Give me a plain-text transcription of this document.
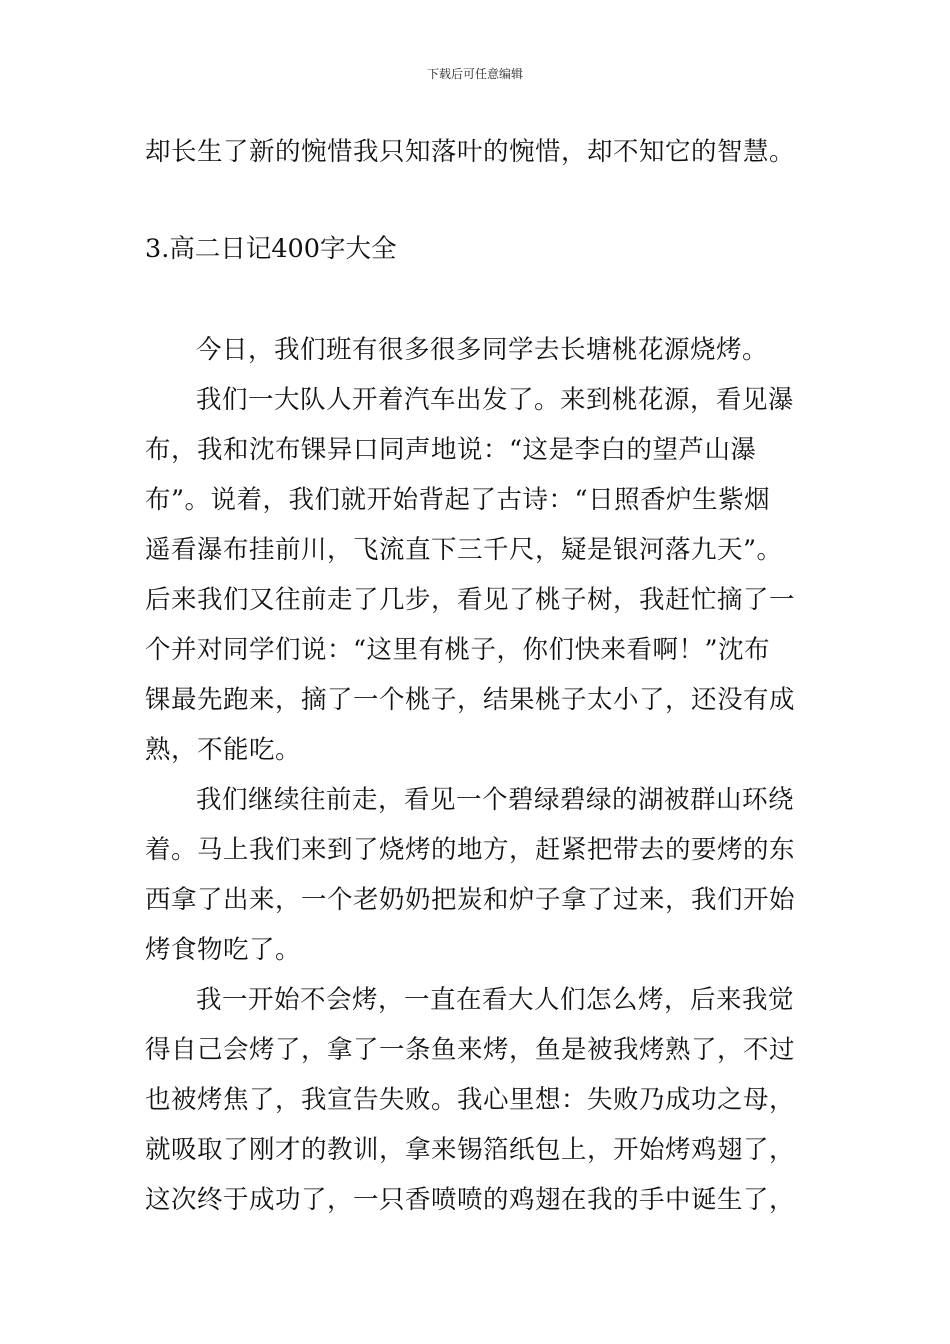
下载后可任意编辑
却长生了新的惋惜我只知落叶的惋惜，却不知它的智慧。
3.高二日记400字大全
今日，我们班有很多很多同学去长塘桃花源烧烤。
我们一大队人开着汽车出发了。来到桃花源，看见瀑
布，我和沈布锞异口同声地说：“这是李白的望芦山瀑
布”。说着，我们就开始背起了古诗：“日照香炉生紫烟
遥看瀑布挂前川，飞流直下三千尺，疑是银河落九天”。
后来我们又往前走了几步，看见了桃子树，我赶忙摘了一
个并对同学们说：“这里有桃子，你们快来看啊！”沈布
锞最先跑来，摘了一个桃子，结果桃子太小了，还没有成
熟，不能吃。
我们继续往前走，看见一个碧绿碧绿的湖被群山环绕
着。马上我们来到了烧烤的地方，赶紧把带去的要烤的东
西拿了出来，一个老奶奶把炭和炉子拿了过来，我们开始
烤食物吃了。
我一开始不会烤，一直在看大人们怎么烤，后来我觉
得自己会烤了，拿了一条鱼来烤，鱼是被我烤熟了，不过
也被烤焦了，我宣告失败。我心里想：失败乃成功之母，
就吸取了刚才的教训，拿来锡箔纸包上，开始烤鸡翅了，
这次终于成功了，一只香喷喷的鸡翅在我的手中诞生了，
